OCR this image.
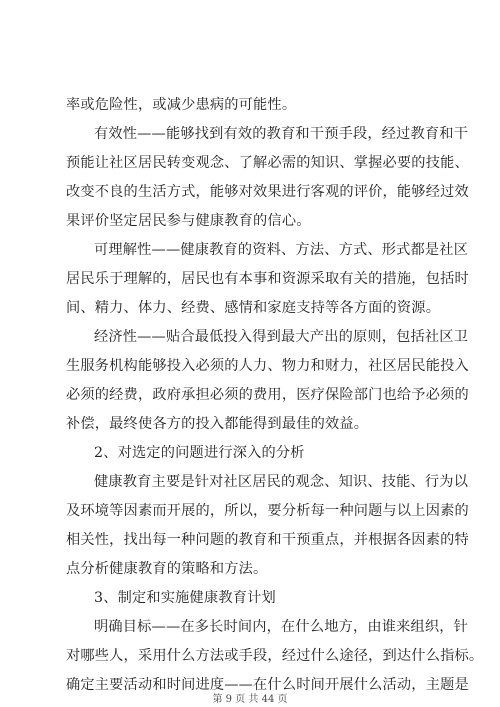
率或危险性，或减少患病的可能性。
有效性——能够找到有效的教育和干预手段，经过教育和干
预能让社区居民转变观念、了解必需的知识、掌握必要的技能、
改变不良的生活方式，能够对效果进行客观的评价，能够经过效
果评价坚定居民参与健康教育的信心。
可理解性——健康教育的资料、方法、方式、形式都是社区
居民乐于理解的，居民也有本事和资源采取有关的措施，包括时
间、精力、体力、经费、感情和家庭支持等各方面的资源。
经济性——贴合最低投入得到最大产出的原则，包括社区卫
生服务机构能够投入必须的人力、物力和财力，社区居民能投入
必须的经费，政府承担必须的费用，医疗保险部门也给予必须的
补偿，最终使各方的投入都能得到最佳的效益。
2、对选定的问题进行深入的分析
健康教育主要是针对社区居民的观念、知识、技能、行为以
及环境等因素而开展的，所以，要分析每一种问题与以上因素的
相关性，找出每一种问题的教育和干预重点，并根据各因素的特
点分析健康教育的策略和方法。
3、制定和实施健康教育计划
明确目标——在多长时间内，在什么地方，由谁来组织，针
对哪些人，采用什么方法或手段，经过什么途径，到达什么指标。
确定主要活动和时间进度——在什么时间开展什么活动，主题是
第 9 页 共 44 页
